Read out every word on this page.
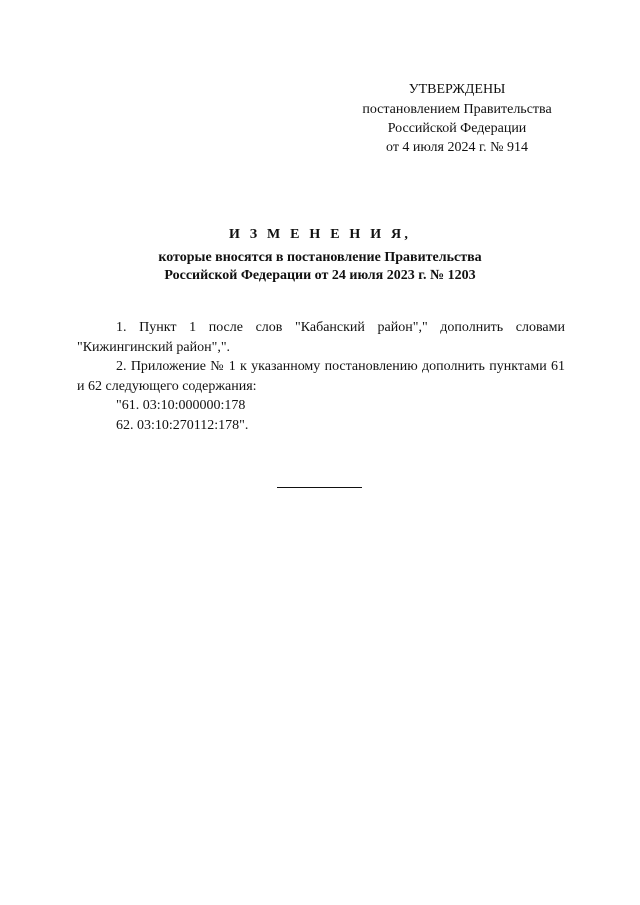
УТВЕРЖДЕНЫ
постановлением Правительства
Российской Федерации
от 4 июля 2024 г. № 914
И З М Е Н Е Н И Я,
которые вносятся в постановление Правительства
Российской Федерации от 24 июля 2023 г. № 1203

1. Пункт 1 после слов "Кабанский район"," дополнить словами "Кижингинский район",".

2. Приложение № 1 к указанному постановлению дополнить пунктами 61 и 62 следующего содержания:

"61. 03:10:000000:178

62. 03:10:270112:178".
